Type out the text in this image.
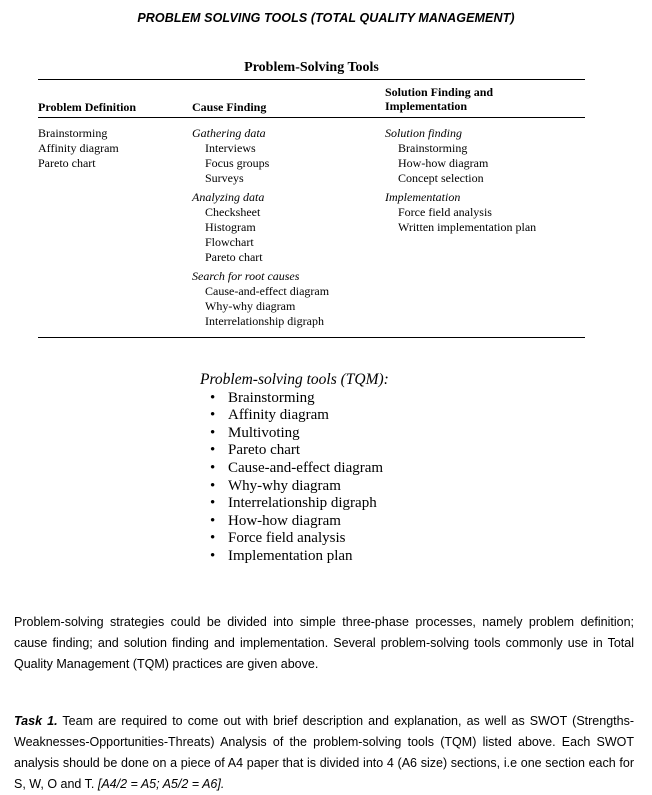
PROBLEM SOLVING TOOLS (TOTAL QUALITY MANAGEMENT)
Problem-Solving Tools
Problem Definition	Cause Finding
Solution Finding and Implementation
Brainstorming
Affinity diagram
Pareto chart
Gathering data
Interviews
Focus groups
Surveys
Analyzing data
Checksheet
Histogram
Flowchart
Pareto chart
Search for root causes
Cause-and-effect diagram
Why-why diagram
Interrelationship digraph
Solution finding
Brainstorming
How-how diagram
Concept selection
Implementation
Force field analysis
Written implementation plan
Problem-solving tools (TQM):
• Brainstorming
• Affinity diagram
• Multivoting
• Pareto chart
• Cause-and-effect diagram
• Why-why diagram
• Interrelationship digraph
• How-how diagram
• Force field analysis
• Implementation plan
Problem-solving strategies could be divided into simple three-phase processes, namely problem definition; cause finding; and solution finding and implementation. Several problem-solving tools commonly use in Total Quality Management (TQM) practices are given above.
Task 1. Team are required to come out with brief description and explanation, as well as SWOT (Strengths-Weaknesses-Opportunities-Threats) Analysis of the problem-solving tools (TQM) listed above. Each SWOT analysis should be done on a piece of A4 paper that is divided into 4 (A6 size) sections, i.e one section each for S, W, O and T. [A4/2 = A5; A5/2 = A6].
